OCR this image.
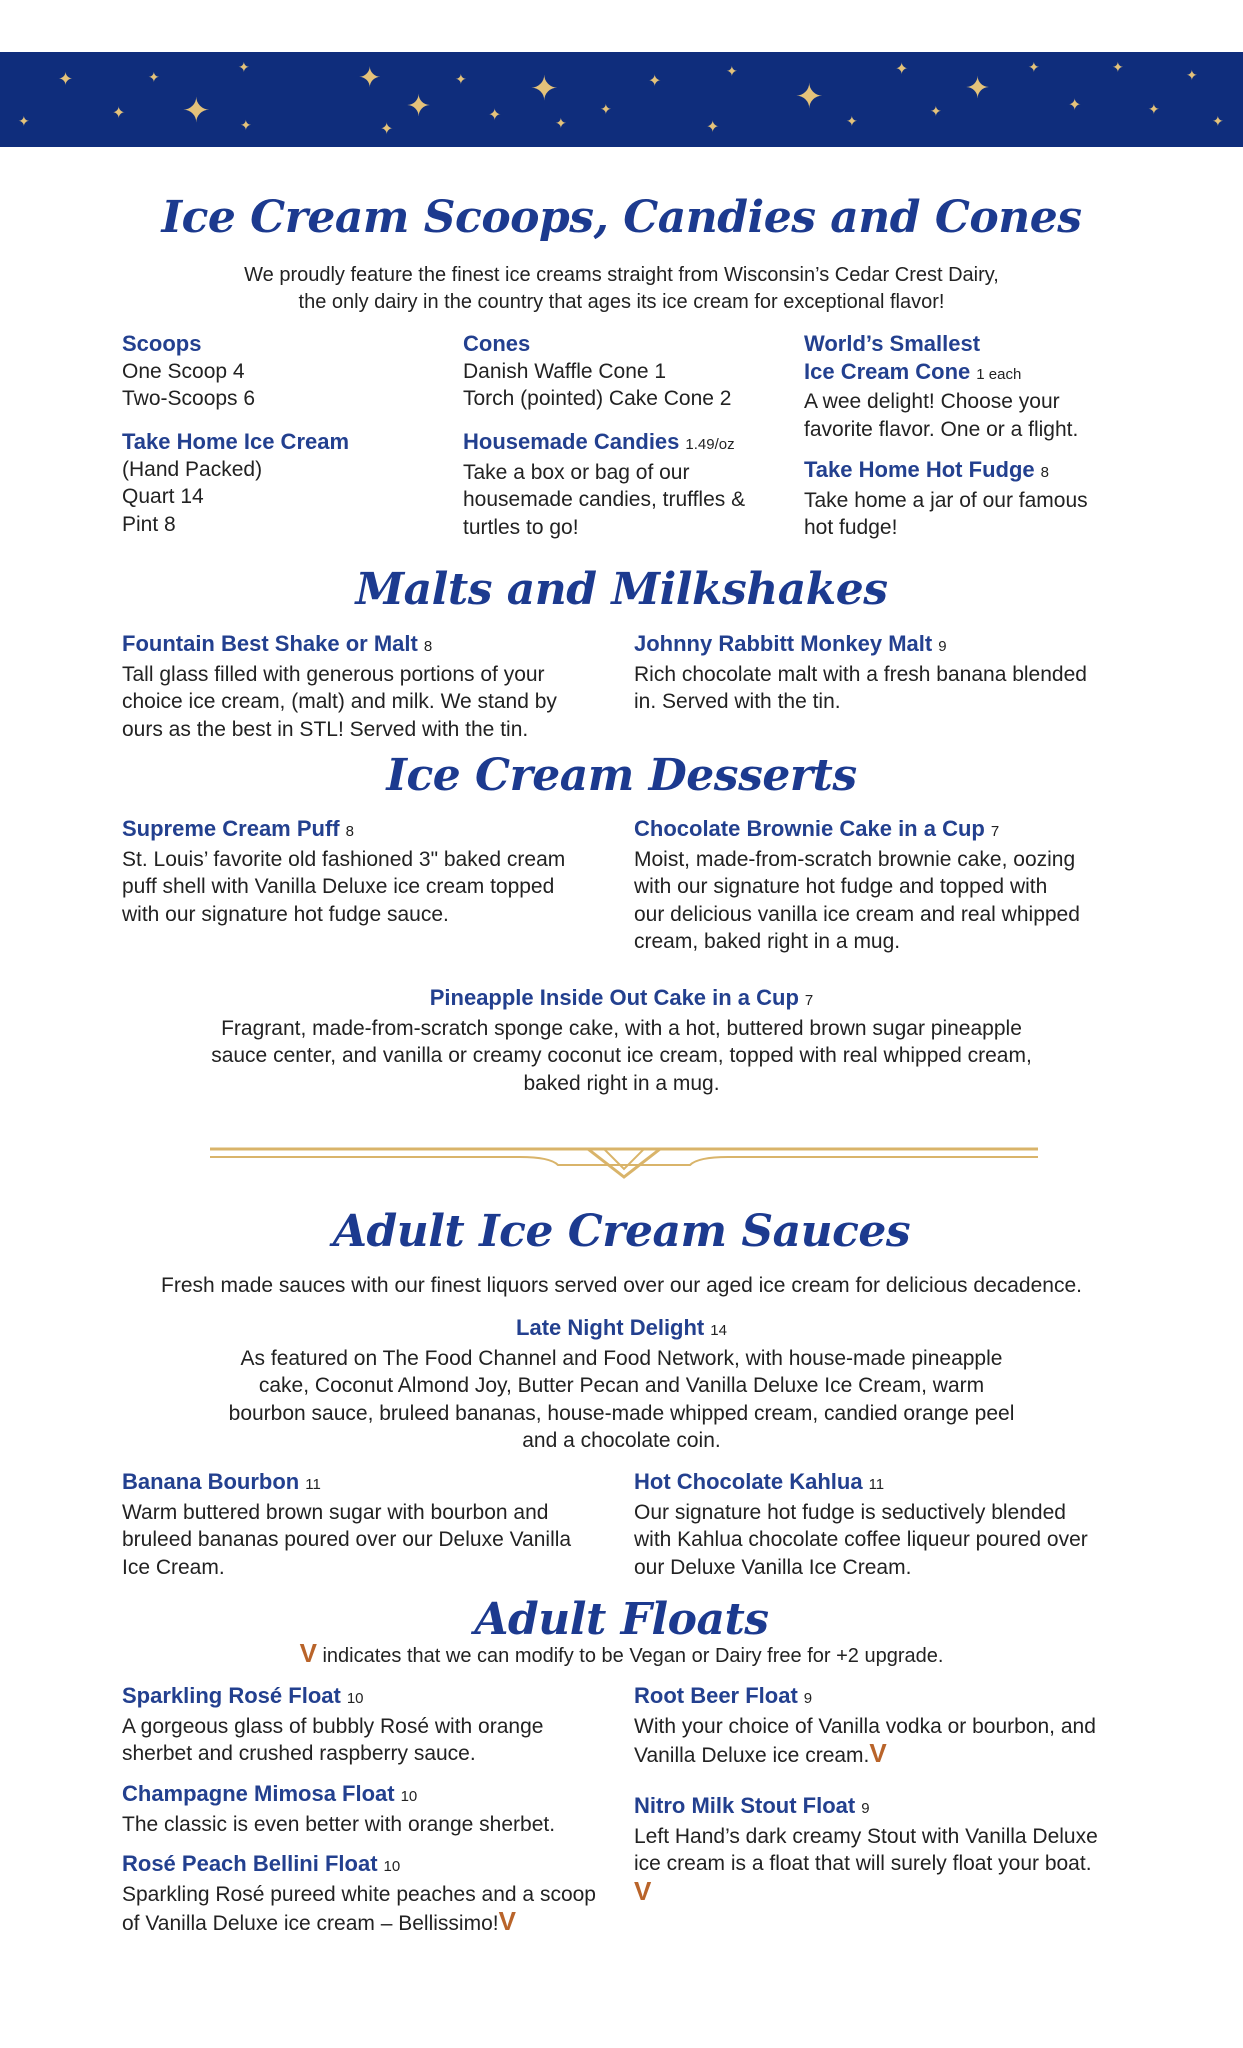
✦
✦	✦
✦
✦
✦
✦
✦
✦
✦
✦
✦
✦
✦
✦
✦
✦
✦
✦
✦
✦
✦
✦
✦
✦
✦
✦
✦
✦
Ice Cream Scoops, Candies and Cones
We proudly feature the finest ice creams straight from Wisconsin’s Cedar Crest Dairy,
the only dairy in the country that ages its ice cream for exceptional flavor!
Scoops
One Scoop 4
Two-Scoops 6
Take Home Ice Cream
(Hand Packed)
Quart 14
Pint 8
Cones
Danish Waffle Cone 1
Torch (pointed) Cake Cone 2
Housemade Candies 1.49/oz
Take a box or bag of our
housemade candies, truffles &
turtles to go!
World’s Smallest
Ice Cream Cone 1 each
A wee delight! Choose your
favorite flavor. One or a flight.
Take Home Hot Fudge 8
Take home a jar of our famous
hot fudge!
Malts and Milkshakes
Fountain Best Shake or Malt 8
Tall glass filled with generous portions of your
choice ice cream, (malt) and milk. We stand by
ours as the best in STL! Served with the tin.
Johnny Rabbitt Monkey Malt 9
Rich chocolate malt with a fresh banana blended
in. Served with the tin.
Ice Cream Desserts
Supreme Cream Puff 8
St. Louis’ favorite old fashioned 3" baked cream
puff shell with Vanilla Deluxe ice cream topped
with our signature hot fudge sauce.
Chocolate Brownie Cake in a Cup 7
Moist, made-from-scratch brownie cake, oozing
with our signature hot fudge and topped with
our delicious vanilla ice cream and real whipped
cream, baked right in a mug.
Pineapple Inside Out Cake in a Cup 7
Fragrant, made-from-scratch sponge cake, with a hot, buttered brown sugar pineapple
sauce center, and vanilla or creamy coconut ice cream, topped with real whipped cream,
baked right in a mug.
Adult Ice Cream Sauces
Fresh made sauces with our finest liquors served over our aged ice cream for delicious decadence.
Late Night Delight 14
As featured on The Food Channel and Food Network, with house-made pineapple
cake, Coconut Almond Joy, Butter Pecan and Vanilla Deluxe Ice Cream, warm
bourbon sauce, bruleed bananas, house-made whipped cream, candied orange peel
and a chocolate coin.
Banana Bourbon 11
Warm buttered brown sugar with bourbon and
bruleed bananas poured over our Deluxe Vanilla
Ice Cream.
Hot Chocolate Kahlua 11
Our signature hot fudge is seductively blended
with Kahlua chocolate coffee liqueur poured over
our Deluxe Vanilla Ice Cream.
Adult Floats
V indicates that we can modify to be Vegan or Dairy free for +2 upgrade.
Sparkling Rosé Float 10
A gorgeous glass of bubbly Rosé with orange
sherbet and crushed raspberry sauce.
Champagne Mimosa Float 10
The classic is even better with orange sherbet.
Rosé Peach Bellini Float 10
Sparkling Rosé pureed white peaches and a scoop
of Vanilla Deluxe ice cream – Bellissimo!V
Root Beer Float 9
With your choice of Vanilla vodka or bourbon, and
Vanilla Deluxe ice cream.V
Nitro Milk Stout Float 9
Left Hand’s dark creamy Stout with Vanilla Deluxe
ice cream is a float that will surely float your boat.
V
